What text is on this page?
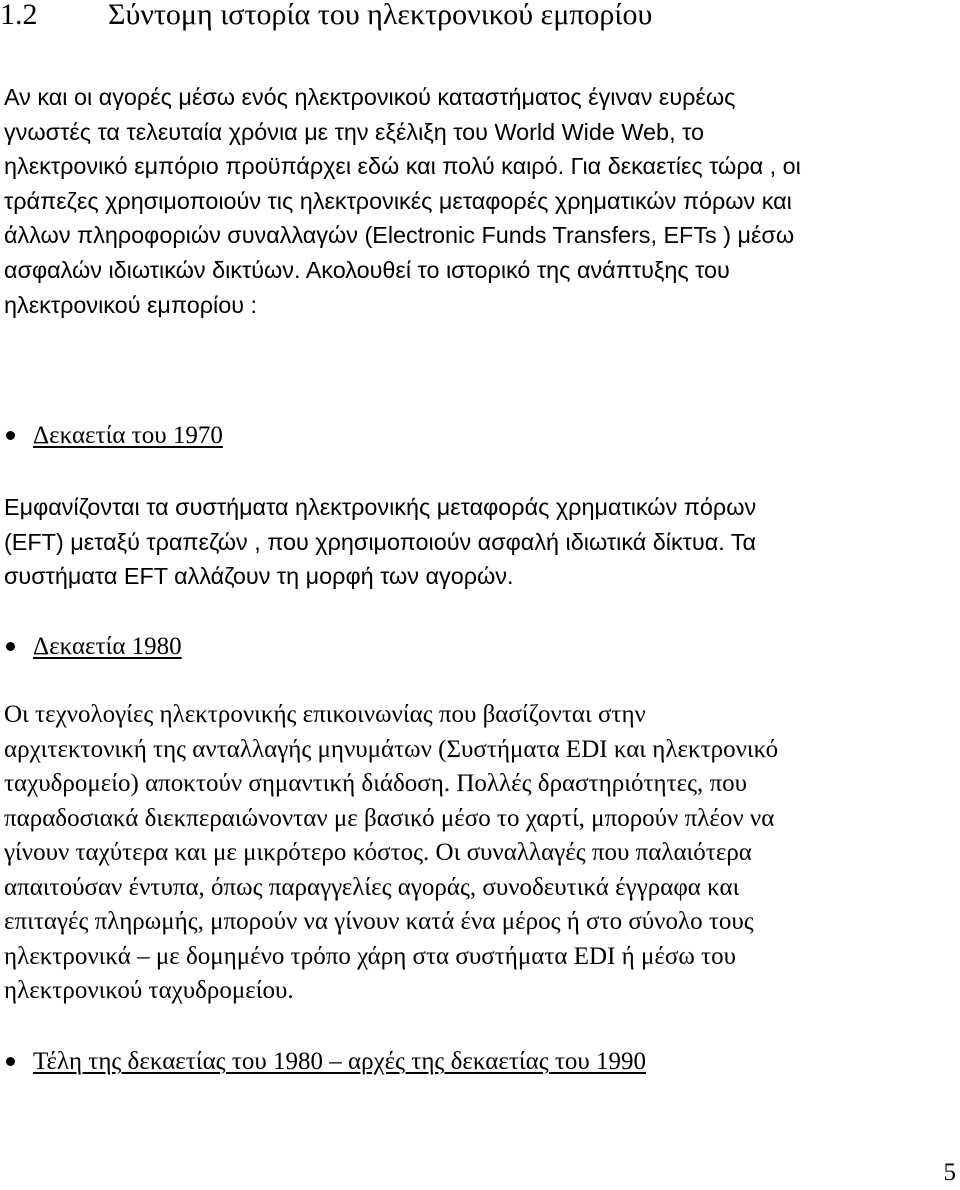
1.2 Σύντομη ιστορία του ηλεκτρονικού εμπορίου

Αν και οι αγορές μέσω ενός ηλεκτρονικού καταστήματος έγιναν ευρέως
γνωστές τα τελευταία χρόνια με την εξέλιξη του World Wide Web, το
ηλεκτρονικό εμπόριο προϋπάρχει εδώ και πολύ καιρό. Για δεκαετίες τώρα , οι
τράπεζες χρησιμοποιούν τις ηλεκτρονικές μεταφορές χρηματικών πόρων και
άλλων πληροφοριών συναλλαγών (Electronic Funds Transfers, EFTs ) μέσω
ασφαλών ιδιωτικών δικτύων. Ακολουθεί το ιστορικό της ανάπτυξης του
ηλεκτρονικού εμπορίου :

Δεκαετία του 1970

Εμφανίζονται τα συστήματα ηλεκτρονικής μεταφοράς χρηματικών πόρων
(EFT) μεταξύ τραπεζών , που χρησιμοποιούν ασφαλή ιδιωτικά δίκτυα. Τα
συστήματα EFT αλλάζουν τη μορφή των αγορών.

Δεκαετία 1980

Οι τεχνολογίες ηλεκτρονικής επικοινωνίας που βασίζονται στην
αρχιτεκτονική της ανταλλαγής μηνυμάτων (Συστήματα EDI και ηλεκτρονικό
ταχυδρομείο) αποκτούν σημαντική διάδοση. Πολλές δραστηριότητες, που
παραδοσιακά διεκπεραιώνονταν με βασικό μέσο το χαρτί, μπορούν πλέον να
γίνουν ταχύτερα και με μικρότερο κόστος. Οι συναλλαγές που παλαιότερα
απαιτούσαν έντυπα, όπως παραγγελίες αγοράς, συνοδευτικά έγγραφα και
επιταγές πληρωμής, μπορούν να γίνουν κατά ένα μέρος ή στο σύνολο τους
ηλεκτρονικά – με δομημένο τρόπο χάρη στα συστήματα EDI ή μέσω του
ηλεκτρονικού ταχυδρομείου.

Τέλη της δεκαετίας του 1980 – αρχές της δεκαετίας του 1990
5
